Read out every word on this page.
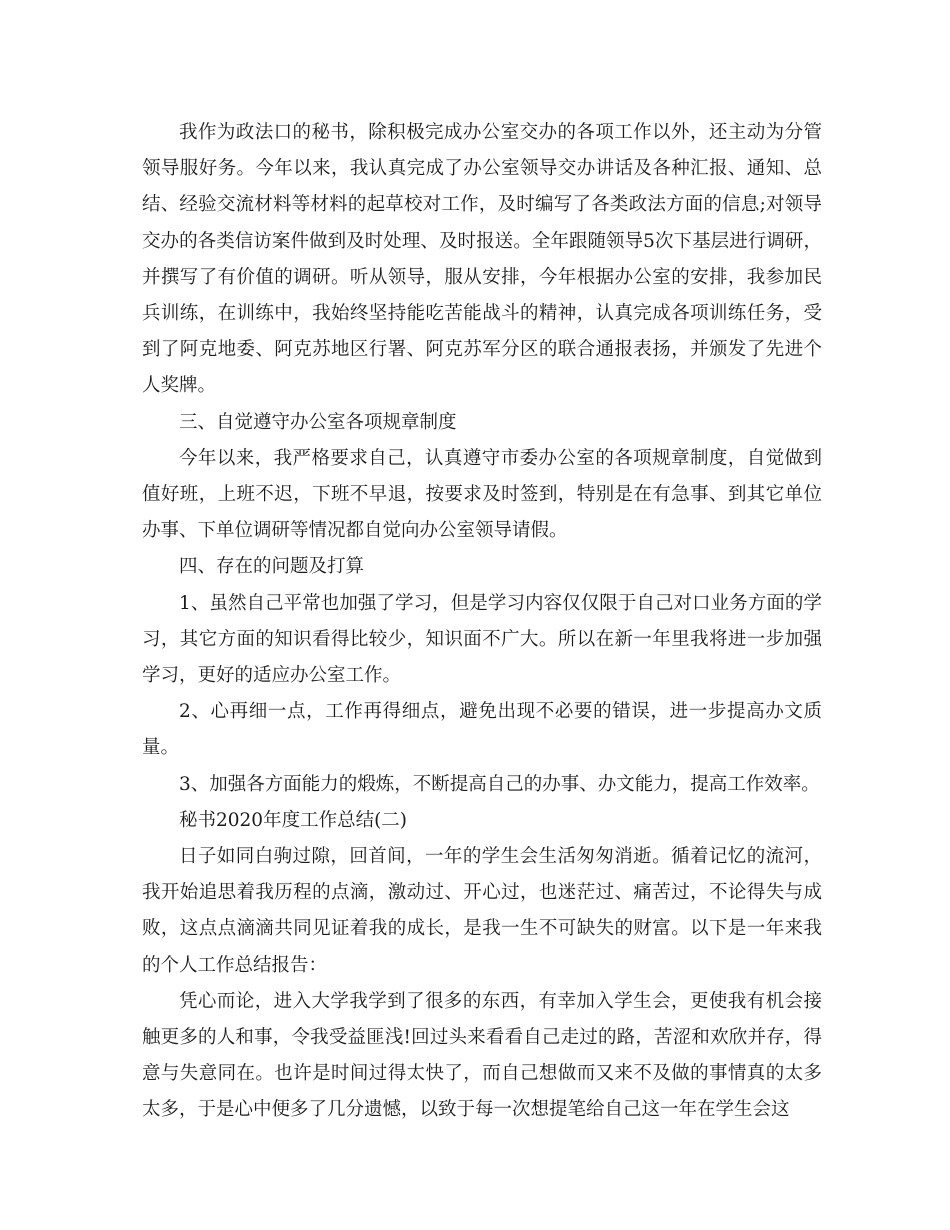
我作为政法口的秘书，除积极完成办公室交办的各项工作以外，还主动为分管领导服好务。今年以来，我认真完成了办公室领导交办讲话及各种汇报、通知、总结、经验交流材料等材料的起草校对工作，及时编写了各类政法方面的信息;对领导交办的各类信访案件做到及时处理、及时报送。全年跟随领导5次下基层进行调研，并撰写了有价值的调研。听从领导，服从安排，今年根据办公室的安排，我参加民兵训练，在训练中，我始终坚持能吃苦能战斗的精神，认真完成各项训练任务，受到了阿克地委、阿克苏地区行署、阿克苏军分区的联合通报表扬，并颁发了先进个人奖牌。

三、自觉遵守办公室各项规章制度

今年以来，我严格要求自己，认真遵守市委办公室的各项规章制度，自觉做到值好班，上班不迟，下班不早退，按要求及时签到，特别是在有急事、到其它单位办事、下单位调研等情况都自觉向办公室领导请假。

四、存在的问题及打算

1、虽然自己平常也加强了学习，但是学习内容仅仅限于自己对口业务方面的学习，其它方面的知识看得比较少，知识面不广大。所以在新一年里我将进一步加强学习，更好的适应办公室工作。

2、心再细一点，工作再得细点，避免出现不必要的错误，进一步提高办文质量。

3、加强各方面能力的煅炼，不断提高自己的办事、办文能力，提高工作效率。

秘书2020年度工作总结(二)

日子如同白驹过隙，回首间，一年的学生会生活匆匆消逝。循着记忆的流河，我开始追思着我历程的点滴，激动过、开心过，也迷茫过、痛苦过，不论得失与成败，这点点滴滴共同见证着我的成长，是我一生不可缺失的财富。以下是一年来我的个人工作总结报告：

凭心而论，进入大学我学到了很多的东西，有幸加入学生会，更使我有机会接触更多的人和事，令我受益匪浅!回过头来看看自己走过的路，苦涩和欢欣并存，得意与失意同在。也许是时间过得太快了，而自己想做而又来不及做的事情真的太多太多，于是心中便多了几分遗憾，以致于每一次想提笔给自己这一年在学生会这
